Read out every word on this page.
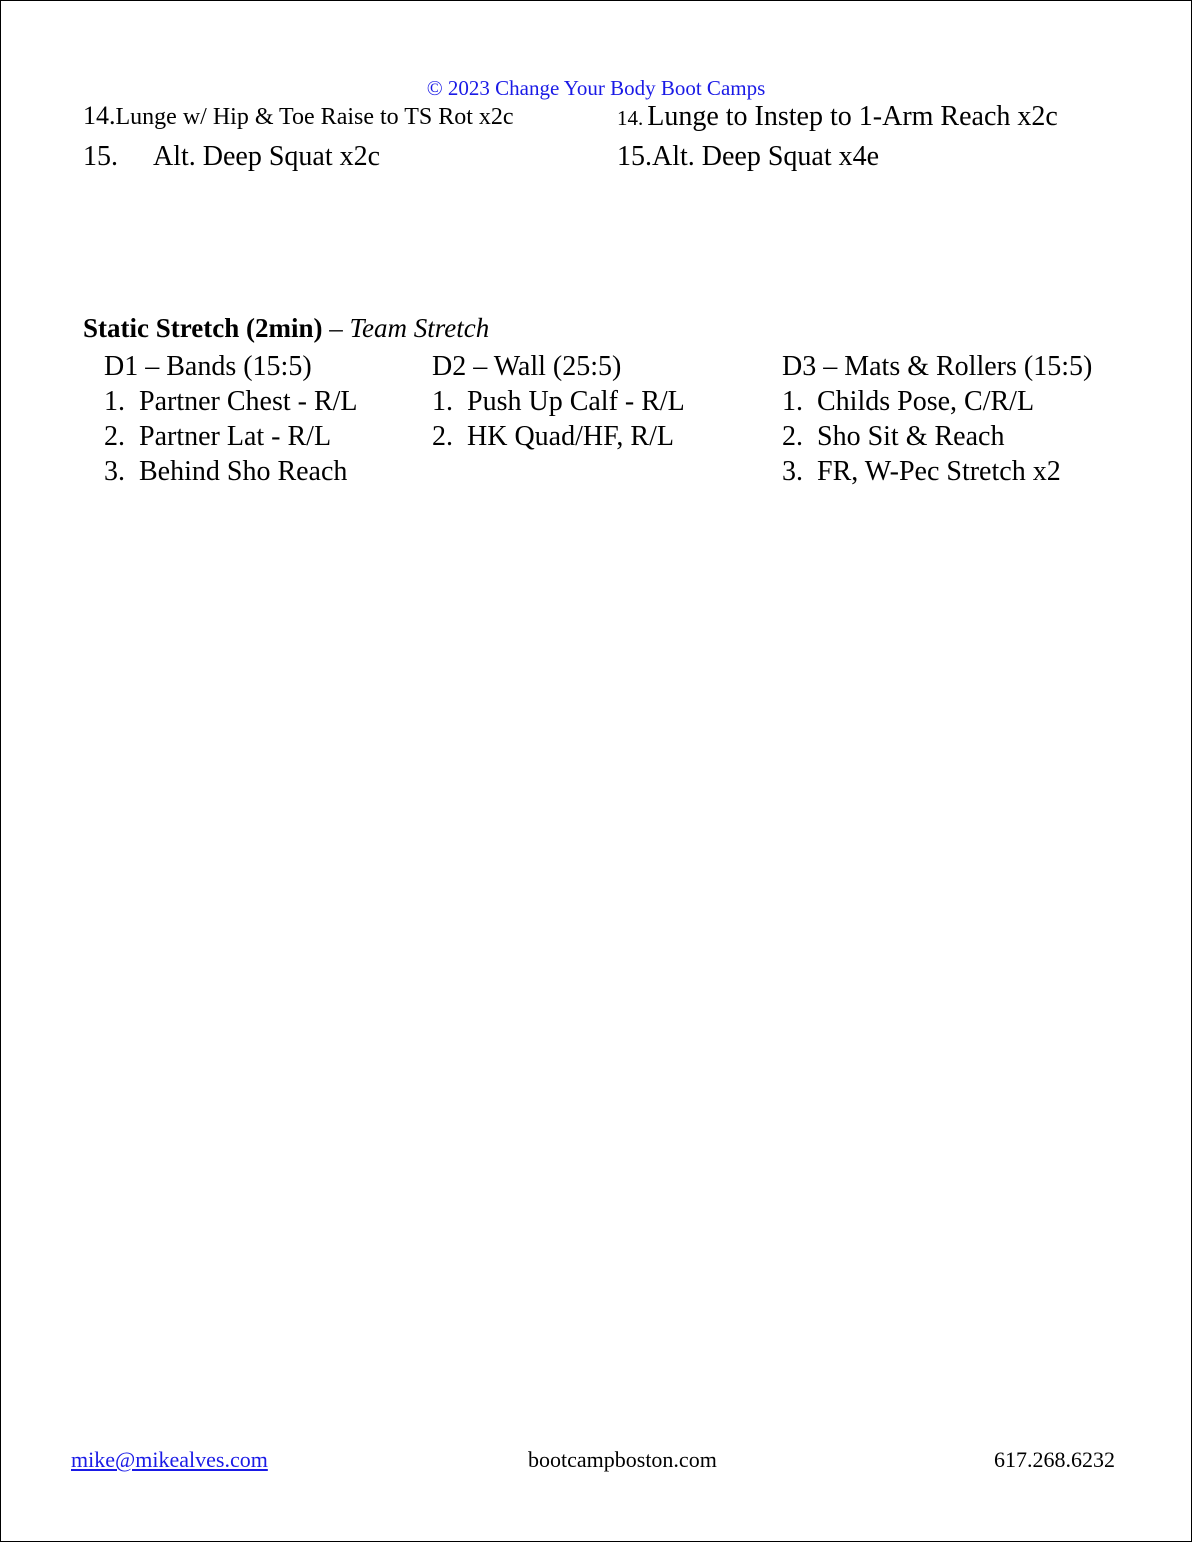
© 2023 Change Your Body Boot Camps
14.Lunge w/ Hip & Toe Raise to TS Rot x2c
15. Alt. Deep Squat x2c
14. Lunge to Instep to 1-Arm Reach x2c
15.Alt. Deep Squat x4e
Static Stretch (2min) – Team Stretch
D1 – Bands (15:5)
1. Partner Chest - R/L
2. Partner Lat - R/L
3. Behind Sho Reach
D2 – Wall (25:5)
1. Push Up Calf - R/L
2. HK Quad/HF, R/L
D3 – Mats & Rollers (15:5)
1. Childs Pose, C/R/L
2. Sho Sit & Reach
3. FR, W-Pec Stretch x2
mike@mikealves.com	bootcampboston.com	617.268.6232
